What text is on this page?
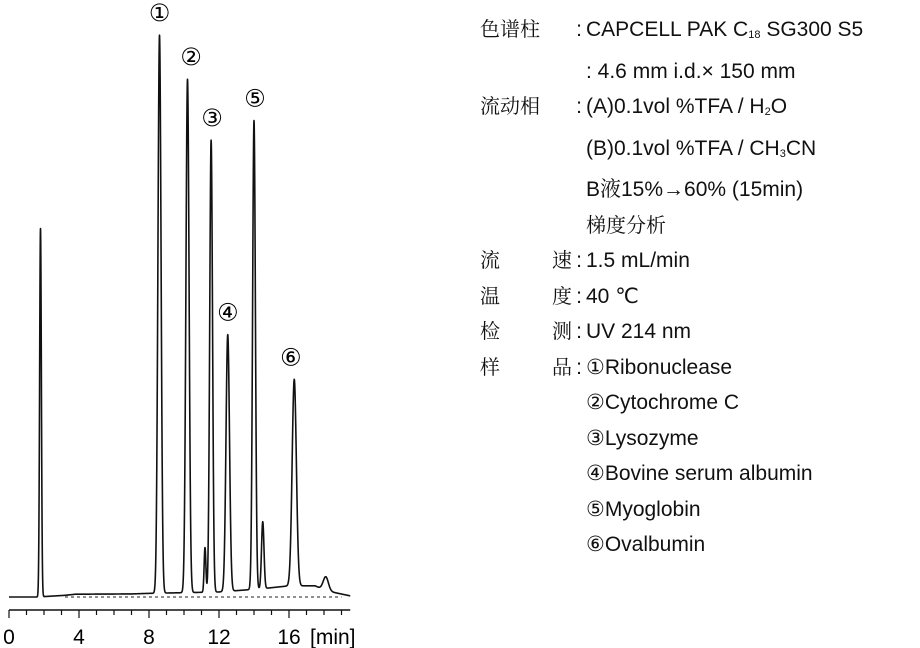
0	4	8 12 16 [min]
①
②
③
④
⑤
⑥
色谱柱 : CAPCELL PAK $C_{18}$ SG300 S5
: 4.6 mm i.d.× 150 mm
流动相 : (A)0.1vol $\%TFA / H_2O$
(B)0.1vol $\%TFA / CH_3CN$
B液15%→60% (15min)
梯度分析
流	速 : 1.5 mL/min
温	度 : 40 ℃
检	测 : UV 214 nm
样	品 : ①Ribonuclease
②Cytochrome C
③Lysozyme
④Bovine serum albumin
⑤Myoglobin
⑥Ovalbumin
